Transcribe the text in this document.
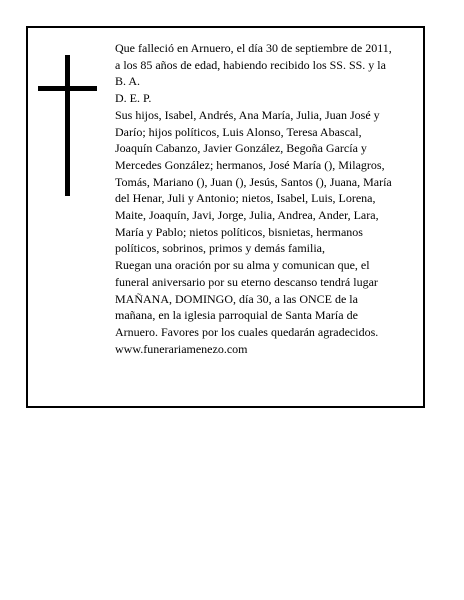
Que falleció en Arnuero, el día 30 de septiembre de 2011, a los 85 años de edad, habiendo recibido los SS. SS. y la B. A.

D. E. P.

Sus hijos, Isabel, Andrés, Ana María, Julia, Juan José y Darío; hijos políticos, Luis Alonso, Teresa Abascal, Joaquín Cabanzo, Javier González, Begoña García y Mercedes González; hermanos, José María (), Milagros, Tomás, Mariano (), Juan (), Jesús, Santos (), Juana, María del Henar, Juli y Antonio; nietos, Isabel, Luis, Lorena, Maite, Joaquín, Javi, Jorge, Julia, Andrea, Ander, Lara, María y Pablo; nietos políticos, bisnietas, hermanos políticos, sobrinos, primos y demás familia,

Ruegan una oración por su alma y comunican que, el funeral aniversario por su eterno descanso tendrá lugar MAÑANA, DOMINGO, día 30, a las ONCE de la mañana, en la iglesia parroquial de Santa María de Arnuero. Favores por los cuales quedarán agradecidos.

www.funerariamenezo.com
